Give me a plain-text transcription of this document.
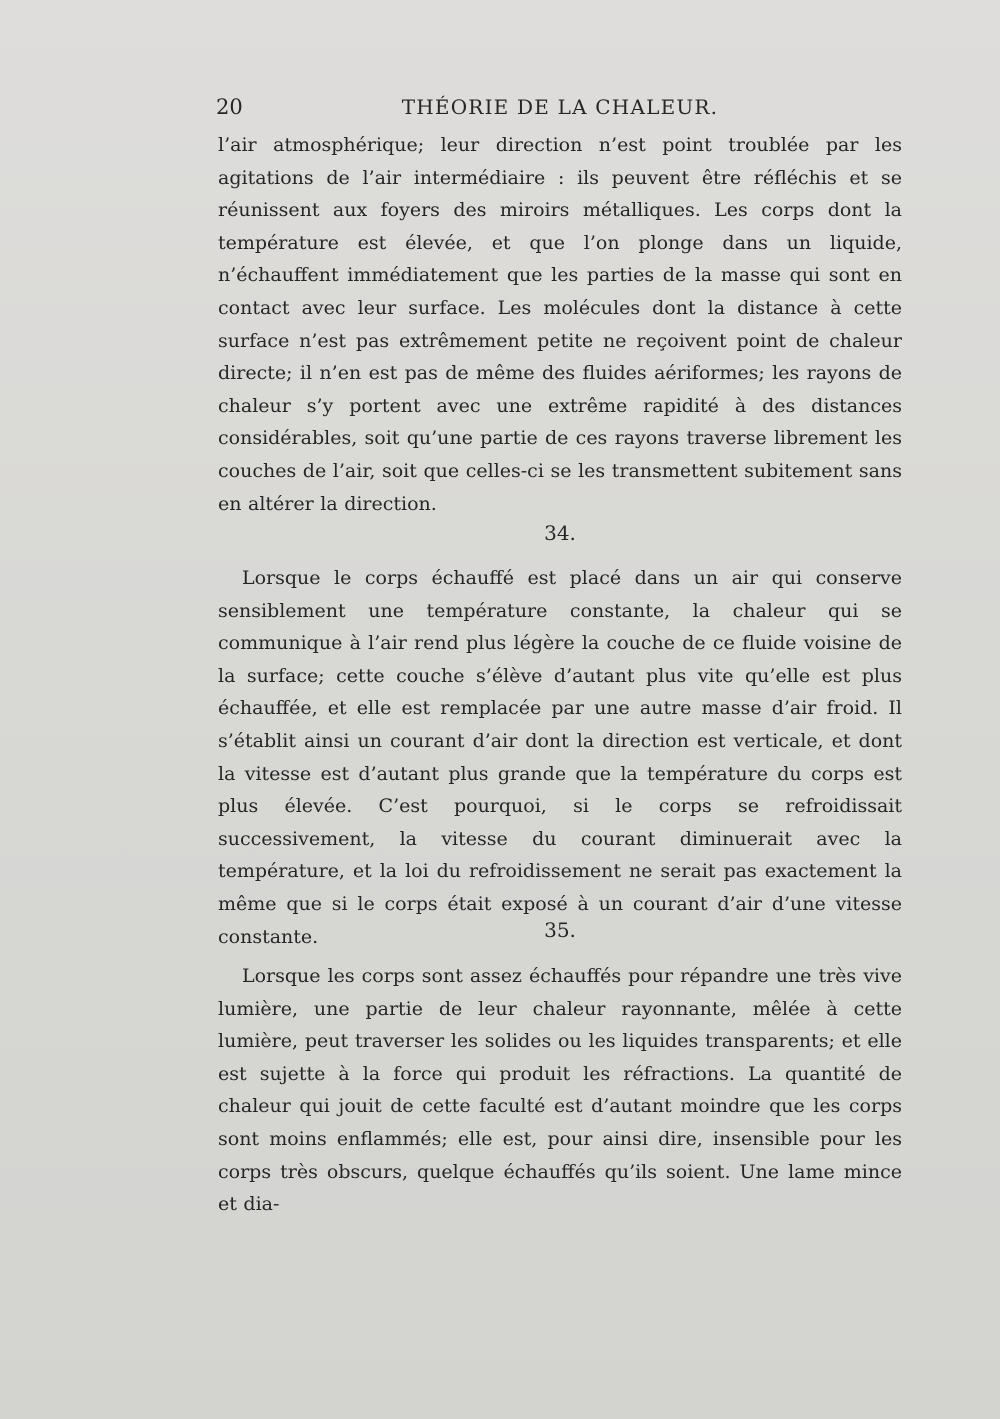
20	THÉORIE DE LA CHALEUR.

l’air atmosphérique; leur direction n’est point troublée par les agitations de l’air intermédiaire : ils peuvent être réfléchis et se réunissent aux foyers des miroirs métalliques. Les corps dont la température est élevée, et que l’on plonge dans un liquide, n’échauffent immédiatement que les parties de la masse qui sont en contact avec leur surface. Les molécules dont la distance à cette surface n’est pas extrêmement petite ne reçoivent point de chaleur directe; il n’en est pas de même des fluides aériformes; les rayons de chaleur s’y portent avec une extrême rapidité à des distances considérables, soit qu’une partie de ces rayons traverse librement les couches de l’air, soit que celles-ci se les transmettent subitement sans en altérer la direction.

34.

Lorsque le corps échauffé est placé dans un air qui conserve sensiblement une température constante, la chaleur qui se communique à l’air rend plus légère la couche de ce fluide voisine de la surface; cette couche s’élève d’autant plus vite qu’elle est plus échauffée, et elle est remplacée par une autre masse d’air froid. Il s’établit ainsi un courant d’air dont la direction est verticale, et dont la vitesse est d’autant plus grande que la température du corps est plus élevée. C’est pourquoi, si le corps se refroidissait successivement, la vitesse du courant diminuerait avec la température, et la loi du refroidissement ne serait pas exactement la même que si le corps était exposé à un courant d’air d’une vitesse constante.	35.

Lorsque les corps sont assez échauffés pour répandre une très vive lumière, une partie de leur chaleur rayonnante, mêlée à cette lumière, peut traverser les solides ou les liquides transparents; et elle est sujette à la force qui produit les réfractions. La quantité de chaleur qui jouit de cette faculté est d’autant moindre que les corps sont moins enflammés; elle est, pour ainsi dire, insensible pour les corps très obscurs, quelque échauffés qu’ils soient. Une lame mince et dia-
